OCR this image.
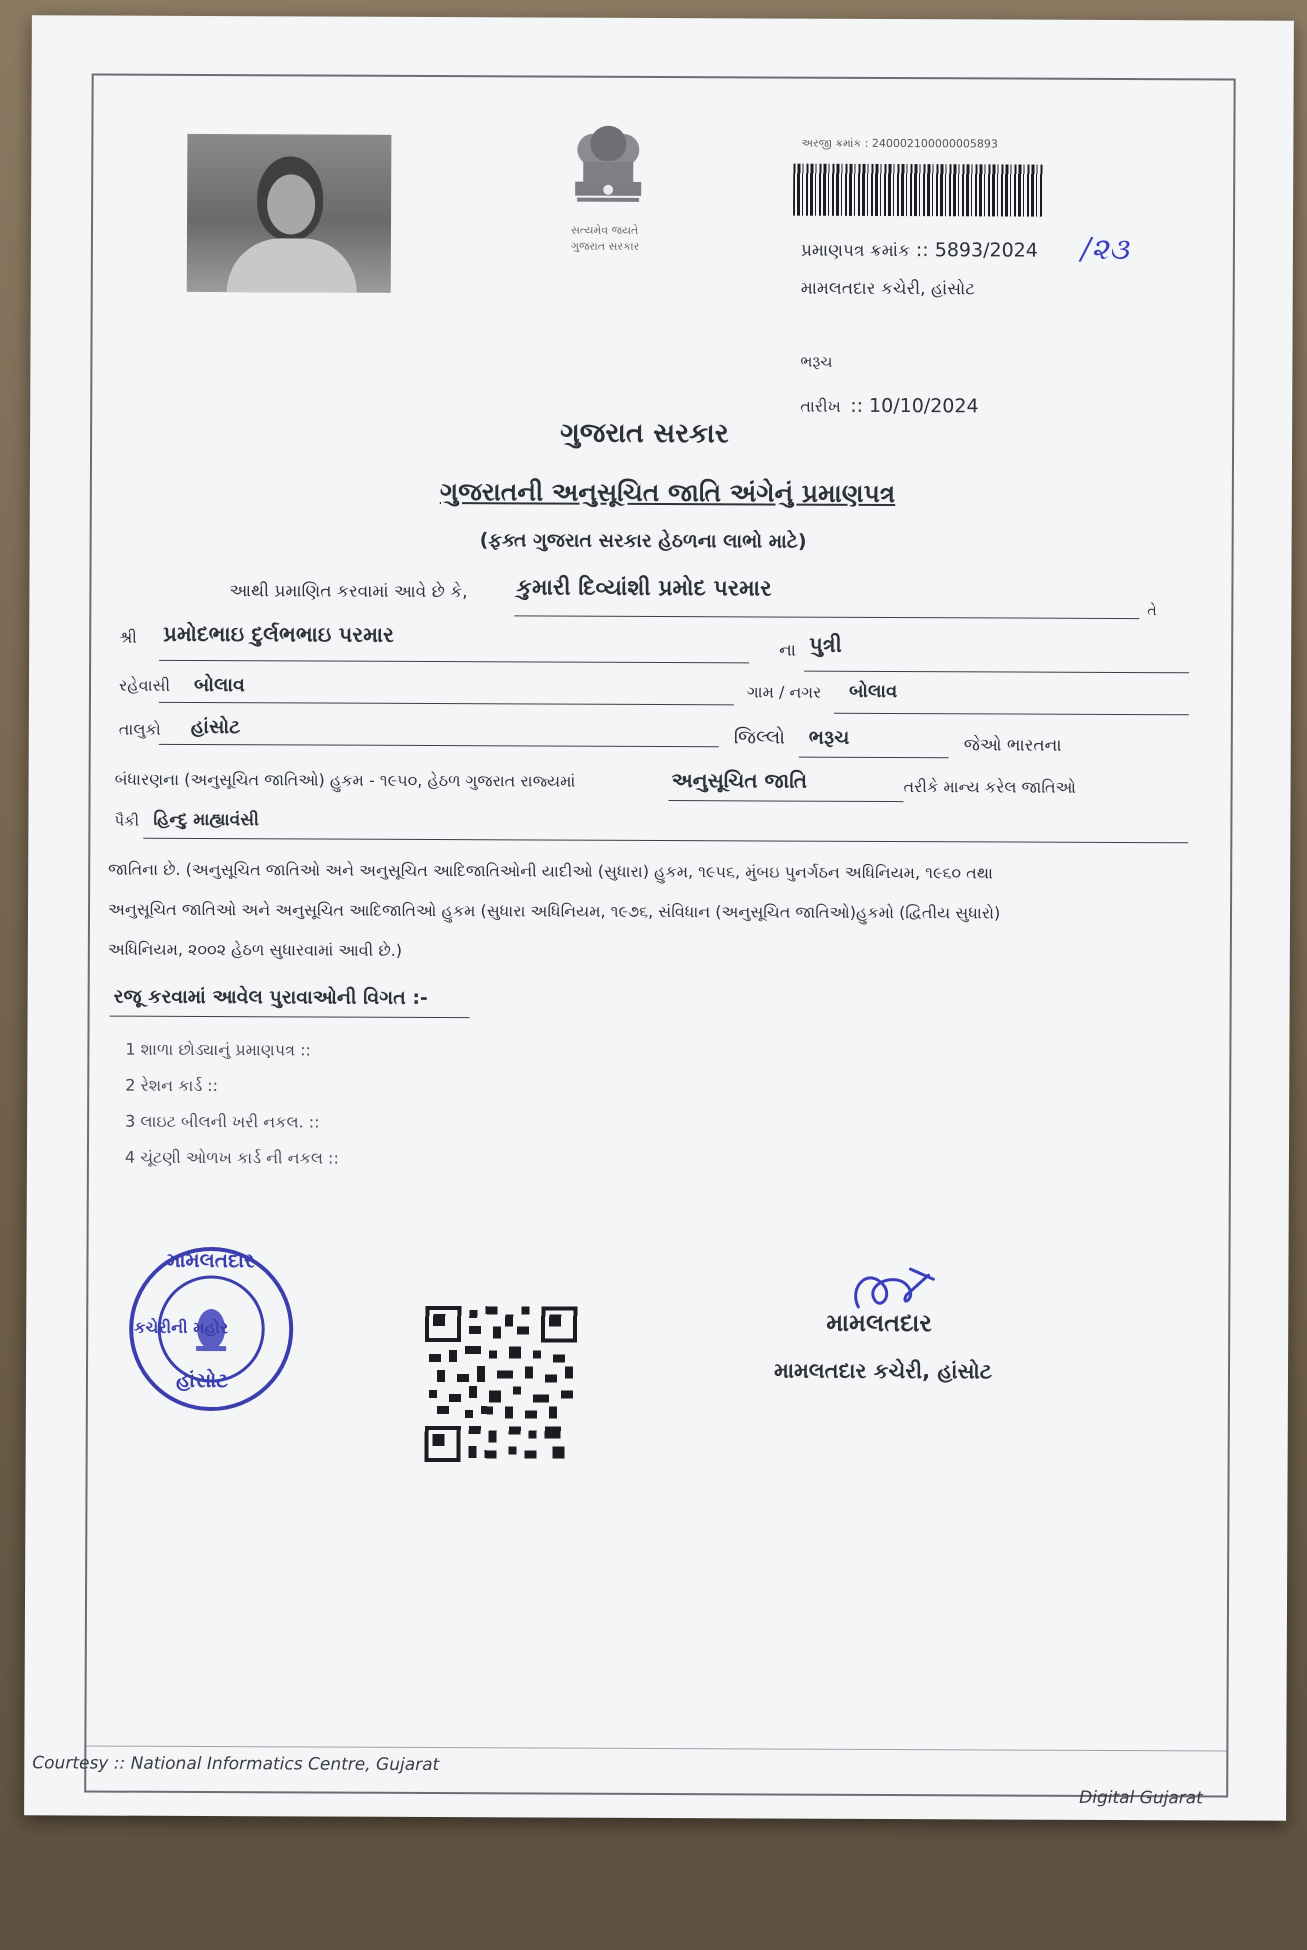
સત્યમેવ જયતે
ગુજરાત સરકાર
અરજી ક્રમાંક : 240002100000005893
પ્રમાણપત્ર ક્રમાંક :: 5893/2024 /૨૩
મામલતદાર કચેરી, હાંસોટ
ભરૂચ
તારીખ :: 10/10/2024
ગુજરાત સરકાર
ગુજરાતની અનુસૂચિત જાતિ અંગેનું પ્રમાણપત્ર
(ફક્ત ગુજરાત સરકાર હેઠળના લાભો માટે)
આથી પ્રમાણિત કરવામાં આવે છે કે, કુમારી દિવ્યાંશી પ્રમોદ પરમાર
તે
શ્રી પ્રમોદભાઇ દુર્લભભાઇ પરમાર
ના પુત્રી
રહેવાસી બોલાવ	ગામ / નગર બોલાવ
તાલુકો હાંસોટ	જિલ્લો ભરૂચ	જેઓ ભારતના
બંધારણના (અનુસૂચિત જાતિઓ) હુકમ - ૧૯૫૦, હેઠળ ગુજરાત રાજ્યમાં	અનુસૂચિત જાતિ	તરીકે માન્ય કરેલ જાતિઓ
પૈકી હિન્દુ માહ્યાવંસી
જાતિના છે. (અનુસૂચિત જાતિઓ અને અનુસૂચિત આદિજાતિઓની યાદીઓ (સુધારા) હુકમ, ૧૯૫૬, મુંબઇ પુનર્ગઠન અધિનિયમ, ૧૯૬૦ તથા
અનુસૂચિત જાતિઓ અને અનુસૂચિત આદિજાતિઓ હુકમ (સુધારા અધિનિયમ, ૧૯૭૬, સંવિધાન (અનુસૂચિત જાતિઓ)હુકમો (દ્વિતીય સુધારો)
અધિનિયમ, ૨૦૦૨ હેઠળ સુધારવામાં આવી છે.)
રજૂ કરવામાં આવેલ પુરાવાઓની વિગત :-
1 શાળા છોડ્યાનું પ્રમાણપત્ર ::
2 રેશન કાર્ડ ::
3 લાઇટ બીલની ખરી નકલ. ::
4 ચૂંટણી ઓળખ કાર્ડ ની નકલ ::
મામલતદાર
કચેરીની મહોર
હાંસોટ
મામલતદાર
મામલતદાર કચેરી, હાંસોટ
Courtesy :: National Informatics Centre, Gujarat
Digital Gujarat
